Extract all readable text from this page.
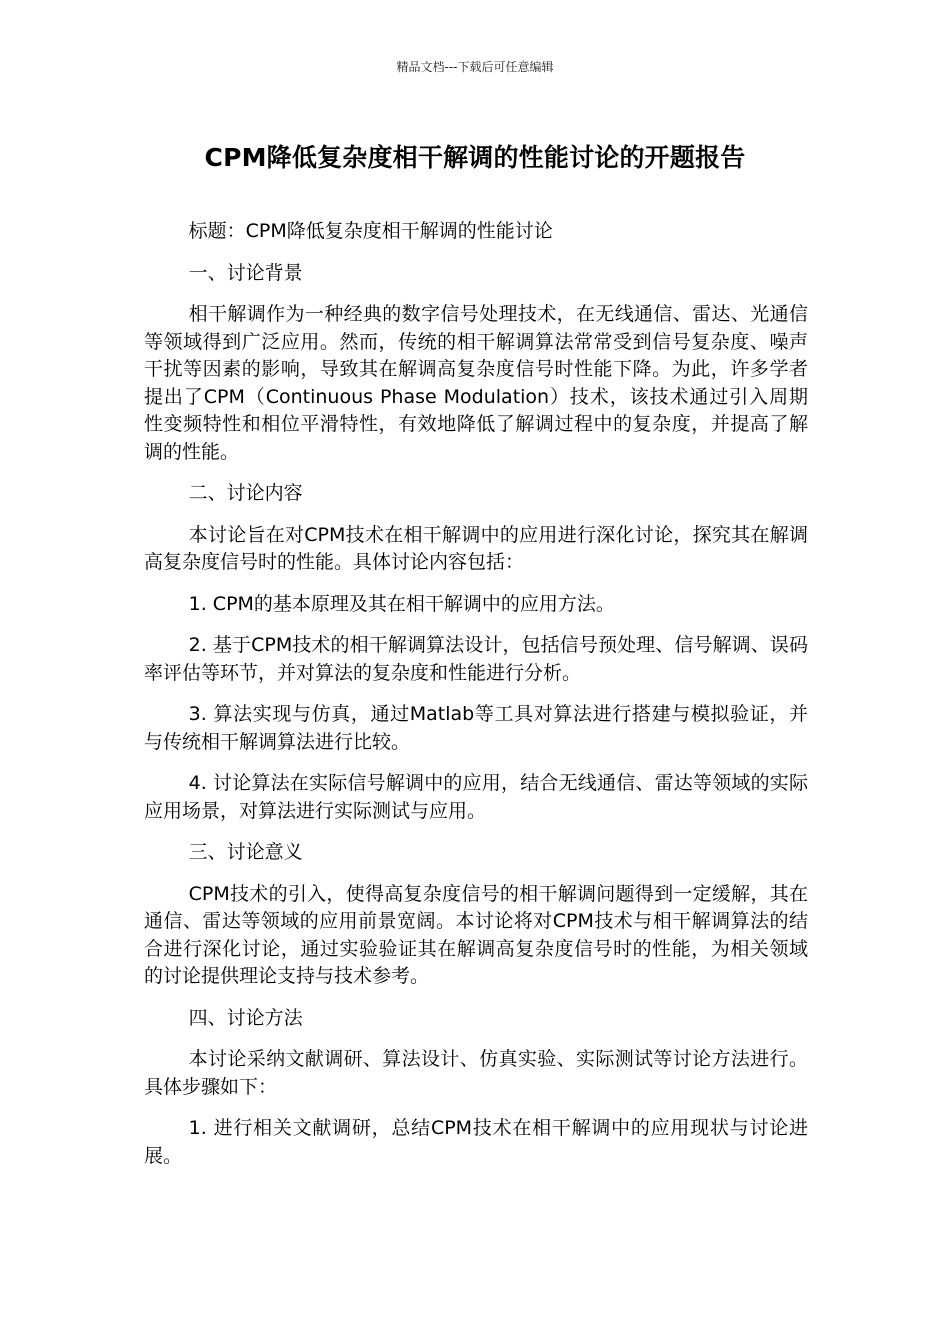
精品文档---下载后可任意编辑
CPM降低复杂度相干解调的性能讨论的开题报告

标题：CPM降低复杂度相干解调的性能讨论

一、讨论背景

相干解调作为一种经典的数字信号处理技术，在无线通信、雷达、光通信等领域得到广泛应用。然而，传统的相干解调算法常常受到信号复杂度、噪声干扰等因素的影响，导致其在解调高复杂度信号时性能下降。为此，许多学者提出了CPM（Continuous Phase Modulation）技术，该技术通过引入周期性变频特性和相位平滑特性，有效地降低了解调过程中的复杂度，并提高了解调的性能。

二、讨论内容

本讨论旨在对CPM技术在相干解调中的应用进行深化讨论，探究其在解调高复杂度信号时的性能。具体讨论内容包括：

1. CPM的基本原理及其在相干解调中的应用方法。

2. 基于CPM技术的相干解调算法设计，包括信号预处理、信号解调、误码率评估等环节，并对算法的复杂度和性能进行分析。

3. 算法实现与仿真，通过Matlab等工具对算法进行搭建与模拟验证，并与传统相干解调算法进行比较。

4. 讨论算法在实际信号解调中的应用，结合无线通信、雷达等领域的实际应用场景，对算法进行实际测试与应用。

三、讨论意义

CPM技术的引入，使得高复杂度信号的相干解调问题得到一定缓解，其在通信、雷达等领域的应用前景宽阔。本讨论将对CPM技术与相干解调算法的结合进行深化讨论，通过实验验证其在解调高复杂度信号时的性能，为相关领域的讨论提供理论支持与技术参考。

四、讨论方法

本讨论采纳文献调研、算法设计、仿真实验、实际测试等讨论方法进行。具体步骤如下：

1. 进行相关文献调研，总结CPM技术在相干解调中的应用现状与讨论进展。
